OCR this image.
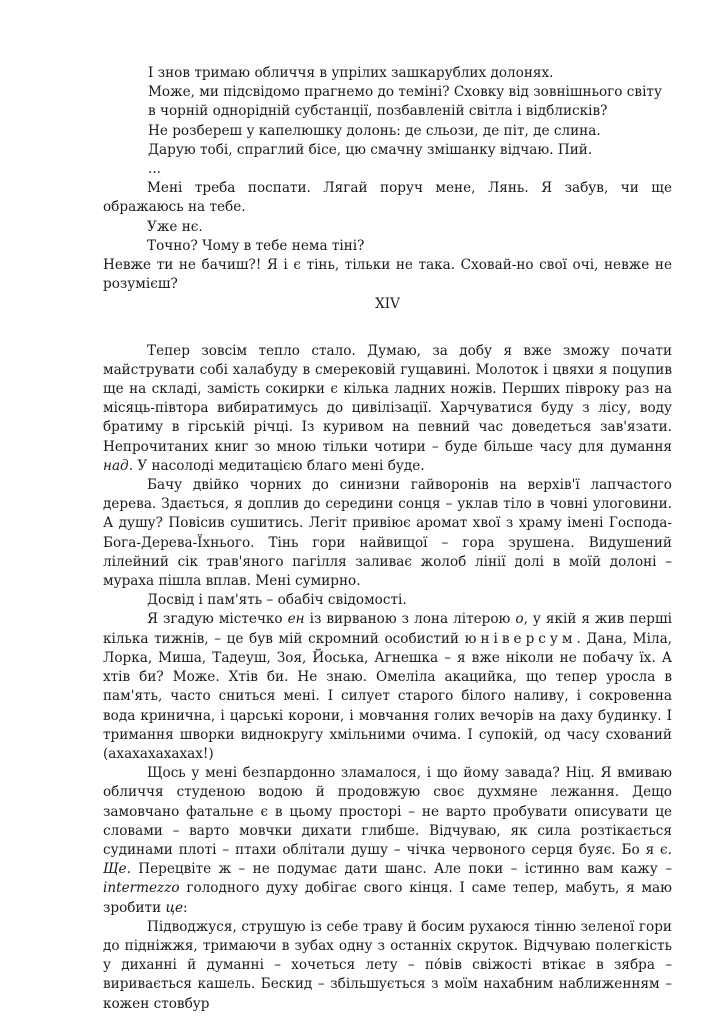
І знов тримаю обличчя в упрілих зашкарублих долонях.
Може, ми підсвідомо прагнемо до теміні? Сховку від зовнішнього світу
в чорній однорідній субстанції, позбавленій світла і відблисків?
Не розбереш у капелюшку долонь: де сльози, де піт, де слина.
Дарую тобі, спраглий бісе, цю смачну змішанку відчаю. Пий.
...

Мені треба поспати. Лягай поруч мене, Лянь. Я забув, чи ще ображаюсь на тебе.

Уже нє.

Точно? Чому в тебе нема тіні?

Невже ти не бачиш?! Я і є тінь, тільки не така. Сховай-но свої очі, невже не розумієш?

XIV

Тепер зовсім тепло стало. Думаю, за добу я вже зможу почати майструвати собі халабуду в смерековій гущавині. Молоток і цвяхи я поцупив ще на складі, замість сокирки є кілька ладних ножів. Перших півроку раз на місяць-півтора вибиратимусь до цивілізації. Харчуватися буду з лісу, воду братиму в гірській річці. Із куривом на певний час доведеться зав'язати. Непрочитаних книг зо мною тільки чотири – буде більше часу для думання над. У насолоді медитацією благо мені буде.

Бачу двійко чорних до синизни гайворонів на верхів'ї лапчастого дерева. Здається, я доплив до середини сонця – уклав тіло в човні улоговини. А душу? Повісив сушитись. Легіт привіює аромат хвої з храму імені Господа-Бога-Дерева-Їхнього. Тінь гори найвищої – гора зрушена. Видушений лілейний сік трав'яного пагілля заливає жолоб лінії долі в моїй долоні – мураха пішла вплав. Мені сумирно.

Досвід і пам'ять – обабіч свідомості.

Я згадую містечко ен із вирваною з лона літерою о, у якій я жив перші кілька тижнів, – це був мій скромний особистий юніверсум. Дана, Міла, Лорка, Миша, Тадеуш, Зоя, Йоська, Агнешка – я вже ніколи не побачу їх. А хтів би? Може. Хтів би. Не знаю. Омеліла акацийка, що тепер уросла в пам'ять, часто сниться мені. І силует старого білого наливу, і сокровенна вода кринична, і царські корони, і мовчання голих вечорів на даху будинку. І тримання шворки виднокругу хмільними очима. І супокій, од часу схований (ахахахахахах!)

Щось у мені безпардонно зламалося, і що йому завада? Ніц. Я вмиваю обличчя студеною водою й продовжую своє духмяне лежання. Дещо замовчано фатальне є в цьому просторі – не варто пробувати описувати це словами – варто мовчки дихати глибше. Відчуваю, як сила розтікається судинами плоті – птахи облітали душу – чічка червоного серця буяє. Бо я є. Ще. Перецвіте ж – не подумає дати шанс. Але поки – істинно вам кажу – intermezzo голодного духу добігає свого кінця. І саме тепер, мабуть, я маю зробити це:

Підводжуся, струшую із себе траву й босим рухаюся тінню зеленої гори до підніжжя, тримаючи в зубах одну з останніх скруток. Відчуваю полегкість у диханні й думанні – хочеться лету – по́вів свіжості втікає в зябра – виривається кашель. Бескид – збільшується з моїм нахабним наближенням – кожен стовбур
